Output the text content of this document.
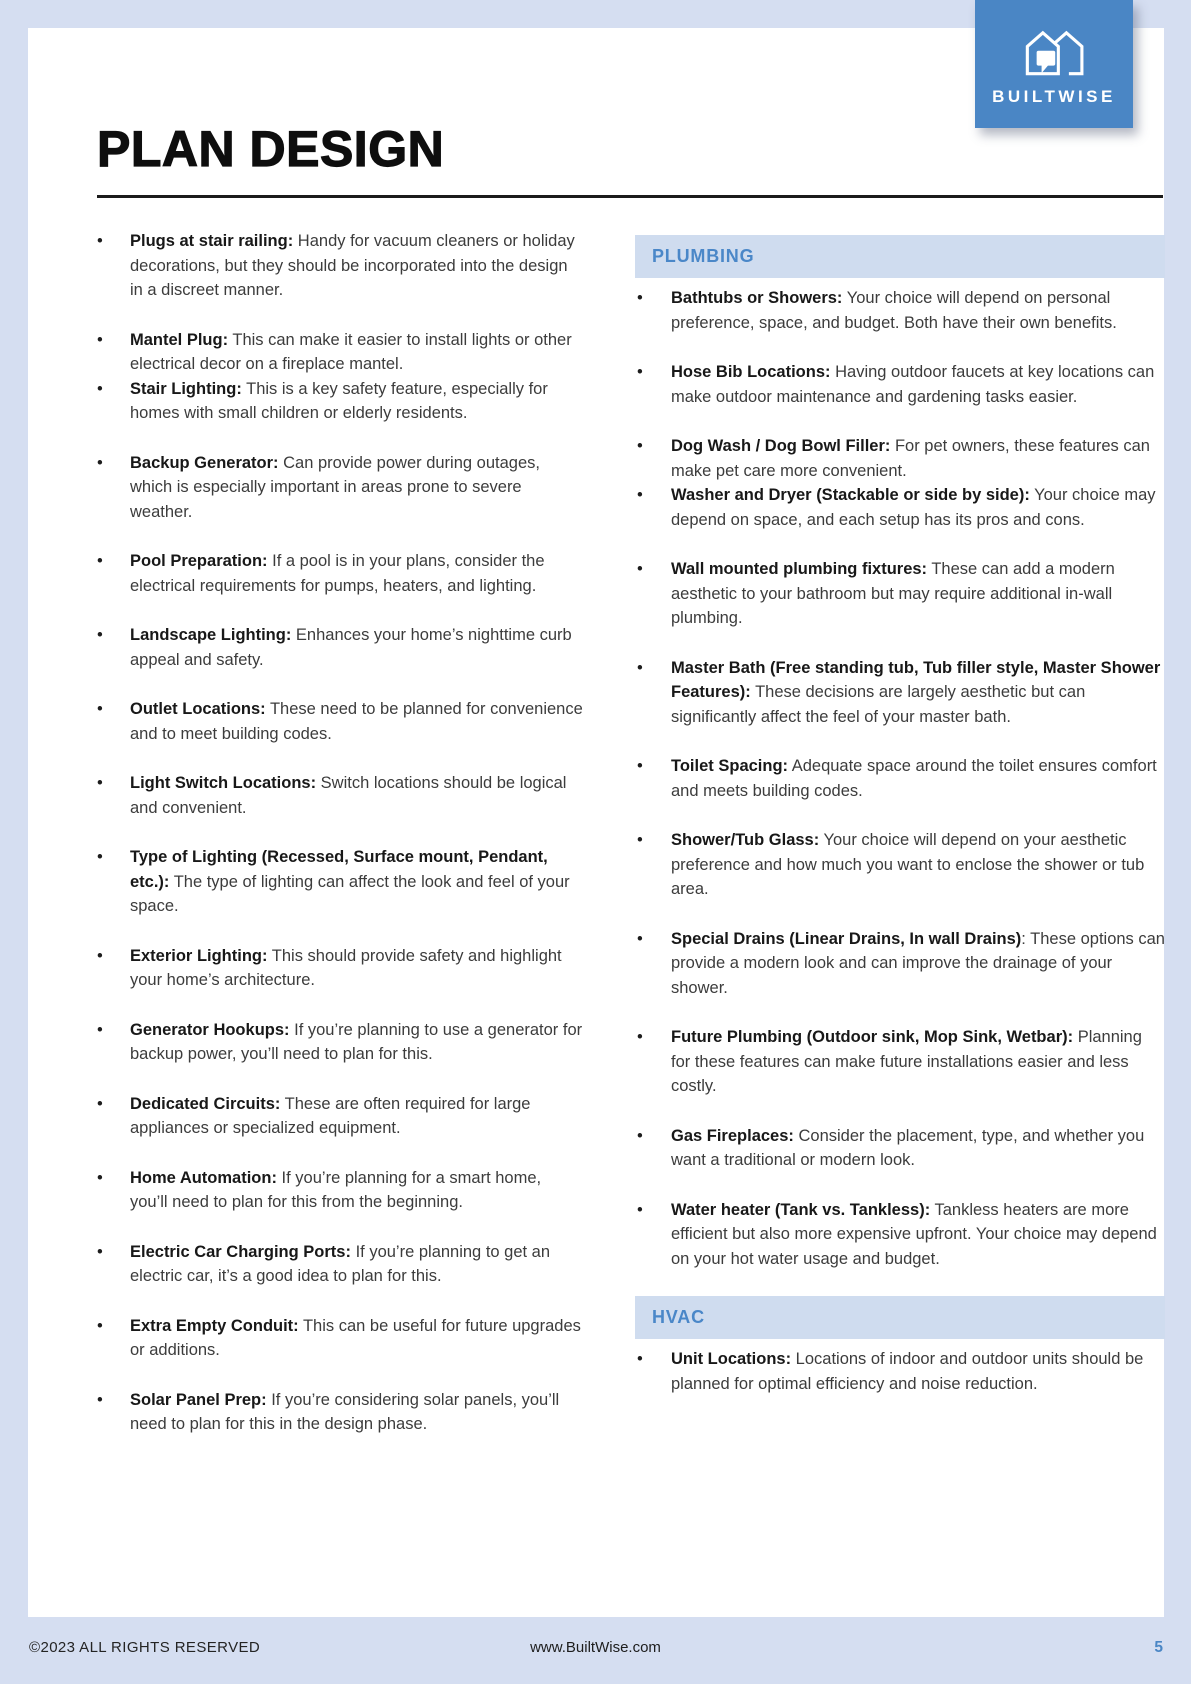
PLAN DESIGN
• Plugs at stair railing: Handy for vacuum cleaners or holiday decorations, but they should be incorporated into the design in a discreet manner.
• Mantel Plug: This can make it easier to install lights or other electrical decor on a fireplace mantel.
• Stair Lighting: This is a key safety feature, especially for homes with small children or elderly residents.
• Backup Generator: Can provide power during outages, which is especially important in areas prone to severe weather.
• Pool Preparation: If a pool is in your plans, consider the electrical requirements for pumps, heaters, and lighting.
• Landscape Lighting: Enhances your home’s nighttime curb appeal and safety.
• Outlet Locations: These need to be planned for convenience and to meet building codes.
• Light Switch Locations: Switch locations should be logical and convenient.
• Type of Lighting (Recessed, Surface mount, Pendant, etc.): The type of lighting can affect the look and feel of your space.
• Exterior Lighting: This should provide safety and highlight your home’s architecture.
• Generator Hookups: If you’re planning to use a generator for backup power, you’ll need to plan for this.
• Dedicated Circuits: These are often required for large appliances or specialized equipment.
• Home Automation: If you’re planning for a smart home, you’ll need to plan for this from the beginning.
• Electric Car Charging Ports: If you’re planning to get an electric car, it’s a good idea to plan for this.
• Extra Empty Conduit: This can be useful for future upgrades or additions.
• Solar Panel Prep: If you’re considering solar panels, you’ll need to plan for this in the design phase.
PLUMBING
• Bathtubs or Showers: Your choice will depend on personal preference, space, and budget. Both have their own benefits.
• Hose Bib Locations: Having outdoor faucets at key locations can make outdoor maintenance and gardening tasks easier.
• Dog Wash / Dog Bowl Filler: For pet owners, these features can make pet care more convenient.
• Washer and Dryer (Stackable or side by side): Your choice may depend on space, and each setup has its pros and cons.
• Wall mounted plumbing fixtures: These can add a modern aesthetic to your bathroom but may require additional in-wall plumbing.
• Master Bath (Free standing tub, Tub filler style, Master Shower Features): These decisions are largely aesthetic but can significantly affect the feel of your master bath.
• Toilet Spacing: Adequate space around the toilet ensures comfort and meets building codes.
• Shower/Tub Glass: Your choice will depend on your aesthetic preference and how much you want to enclose the shower or tub area.
• Special Drains (Linear Drains, In wall Drains): These options can provide a modern look and can improve the drainage of your shower.
• Future Plumbing (Outdoor sink, Mop Sink, Wetbar): Planning for these features can make future installations easier and less costly.
• Gas Fireplaces: Consider the placement, type, and whether you want a traditional or modern look.
• Water heater (Tank vs. Tankless): Tankless heaters are more efficient but also more expensive upfront. Your choice may depend on your hot water usage and budget.
HVAC
• Unit Locations: Locations of indoor and outdoor units should be planned for optimal efficiency and noise reduction.
BUILTWISE
©2023 ALL RIGHTS RESERVED	www.BuiltWise.com	5
